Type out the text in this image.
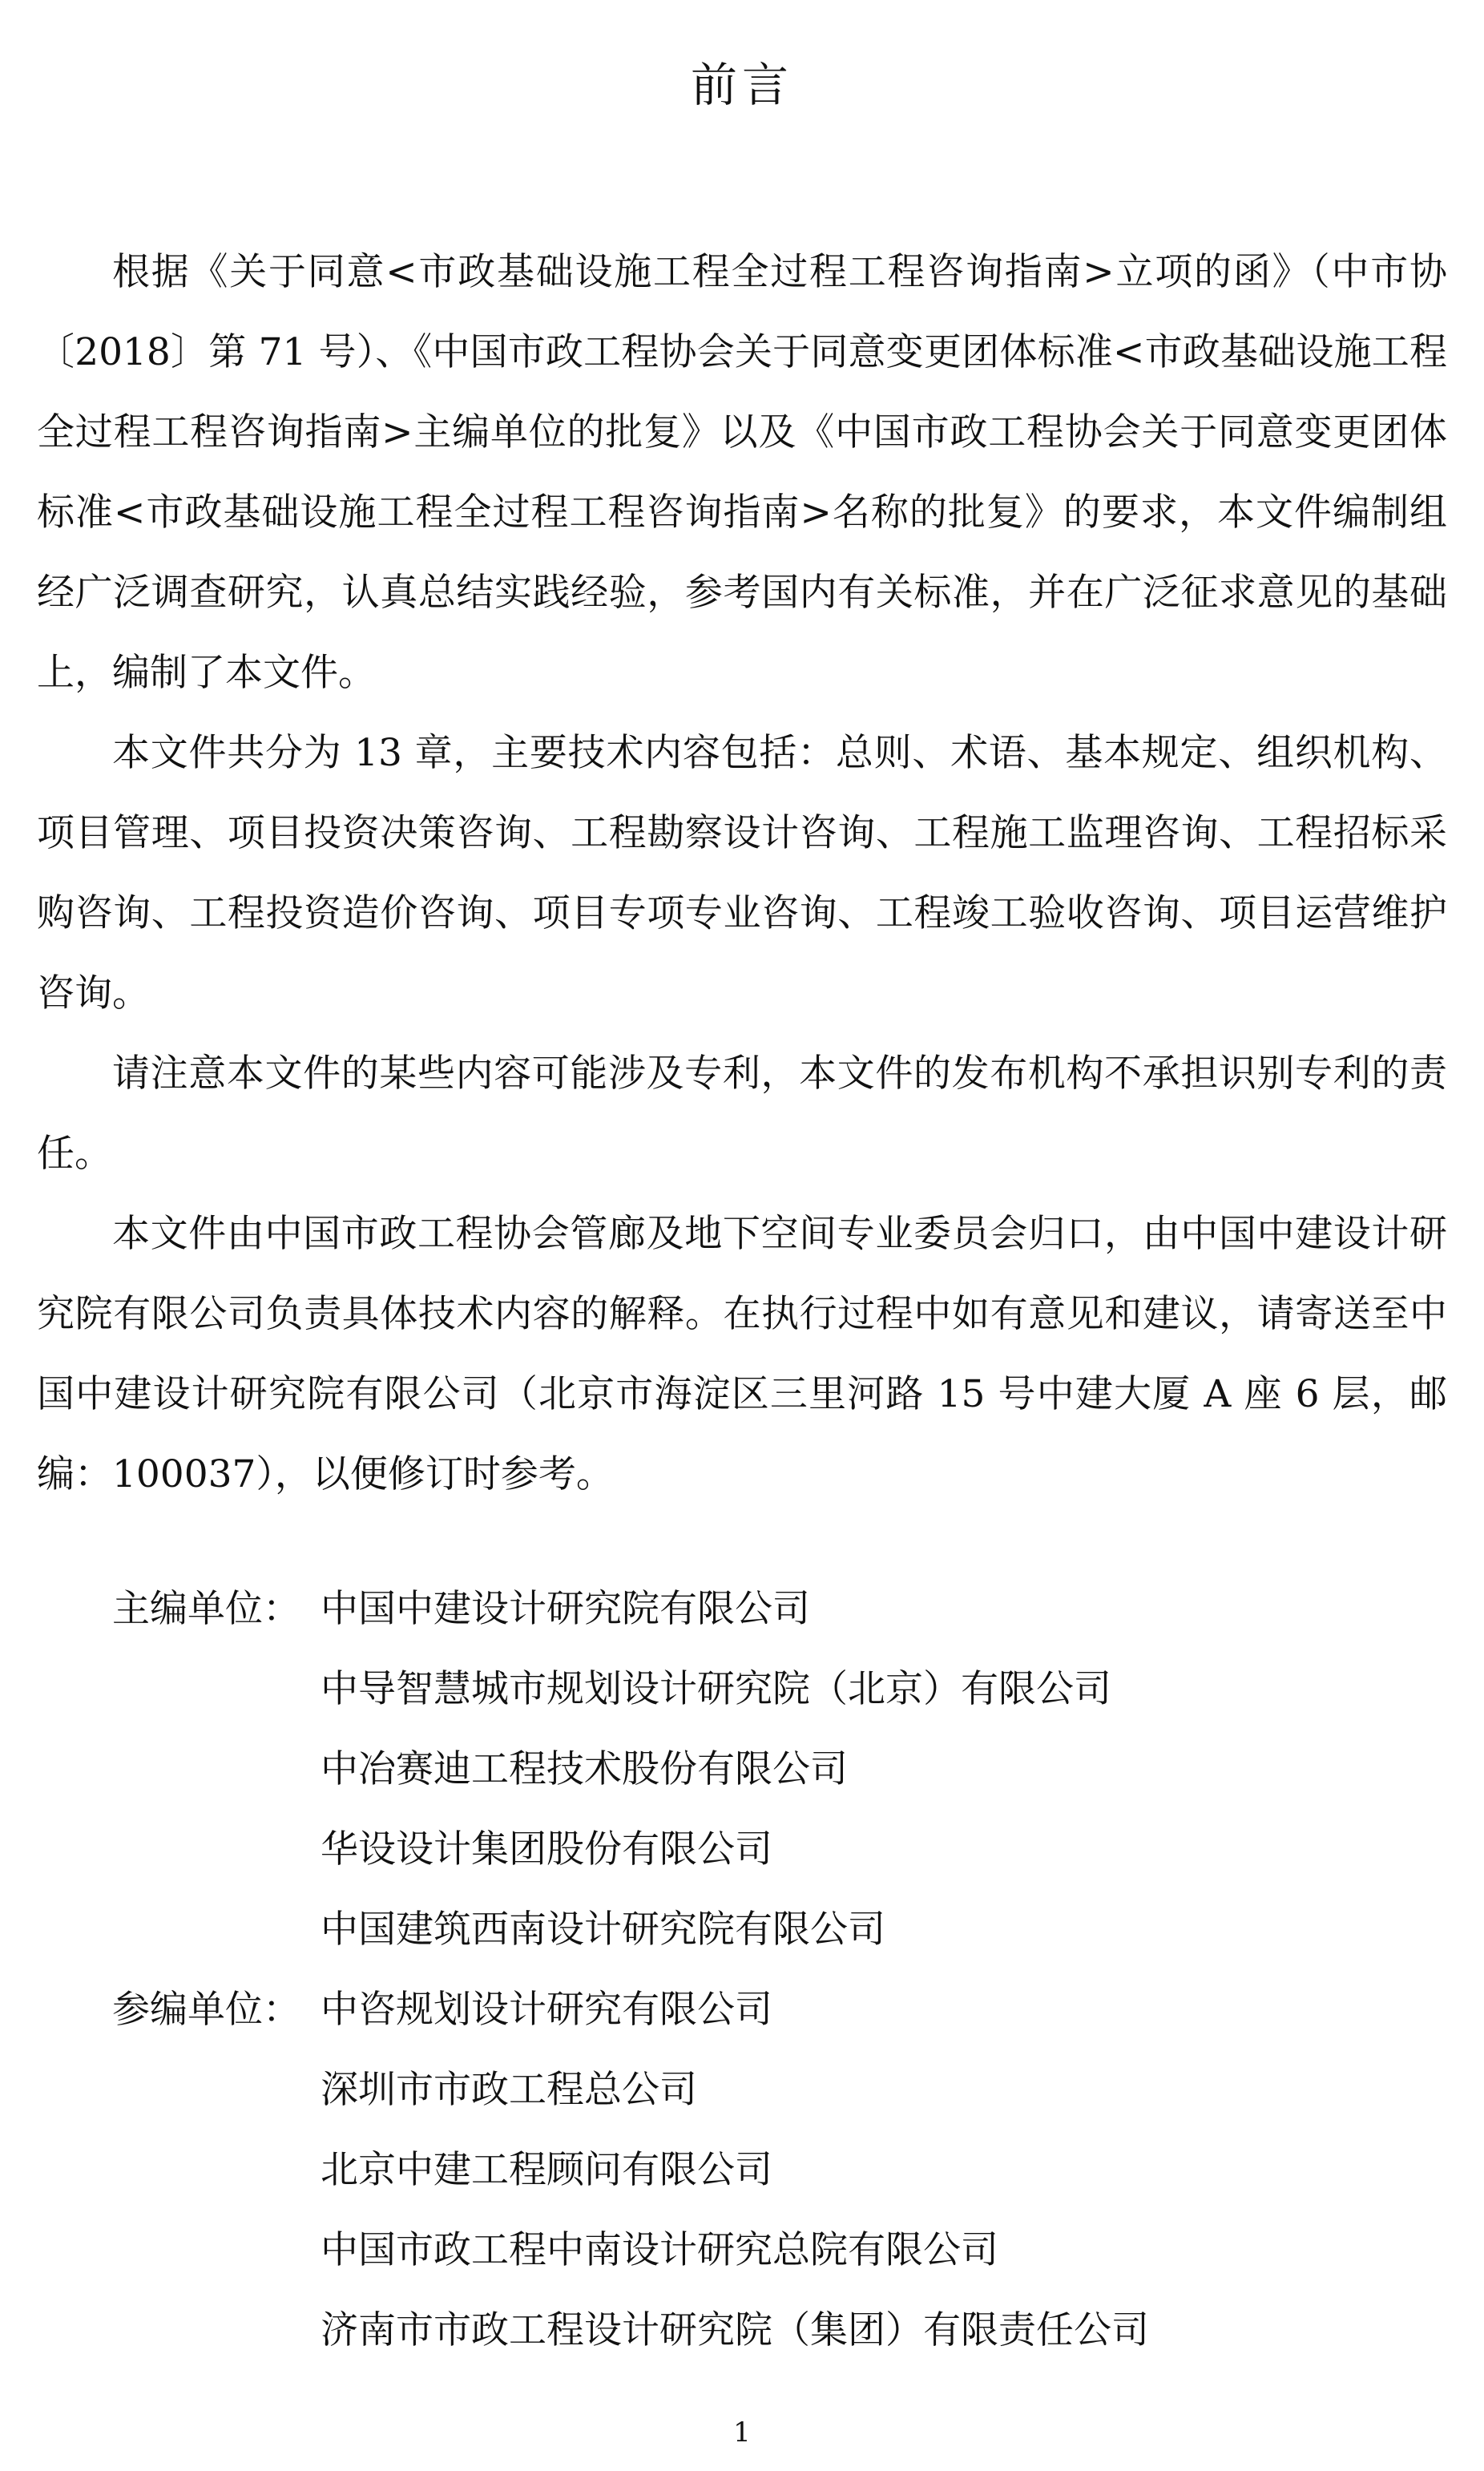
前言

根据《关于同意<市政基础设施工程全过程工程咨询指南>立项的函》（中市协〔2018〕第 71 号）、《中国市政工程协会关于同意变更团体标准<市政基础设施工程全过程工程咨询指南>主编单位的批复》以及《中国市政工程协会关于同意变更团体标准<市政基础设施工程全过程工程咨询指南>名称的批复》的要求，本文件编制组经广泛调查研究，认真总结实践经验，参考国内有关标准，并在广泛征求意见的基础上，编制了本文件。

本文件共分为 13 章，主要技术内容包括：总则、术语、基本规定、组织机构、项目管理、项目投资决策咨询、工程勘察设计咨询、工程施工监理咨询、工程招标采购咨询、工程投资造价咨询、项目专项专业咨询、工程竣工验收咨询、项目运营维护咨询。

请注意本文件的某些内容可能涉及专利，本文件的发布机构不承担识别专利的责任。

本文件由中国市政工程协会管廊及地下空间专业委员会归口，由中国中建设计研究院有限公司负责具体技术内容的解释。在执行过程中如有意见和建议，请寄送至中国中建设计研究院有限公司（北京市海淀区三里河路 15 号中建大厦 A 座 6 层，邮编：100037），以便修订时参考。

主编单位： 中国中建设计研究院有限公司
中导智慧城市规划设计研究院（北京）有限公司
中冶赛迪工程技术股份有限公司
华设设计集团股份有限公司
中国建筑西南设计研究院有限公司
参编单位： 中咨规划设计研究有限公司
深圳市市政工程总公司
北京中建工程顾问有限公司
中国市政工程中南设计研究总院有限公司
济南市市政工程设计研究院（集团）有限责任公司
1
